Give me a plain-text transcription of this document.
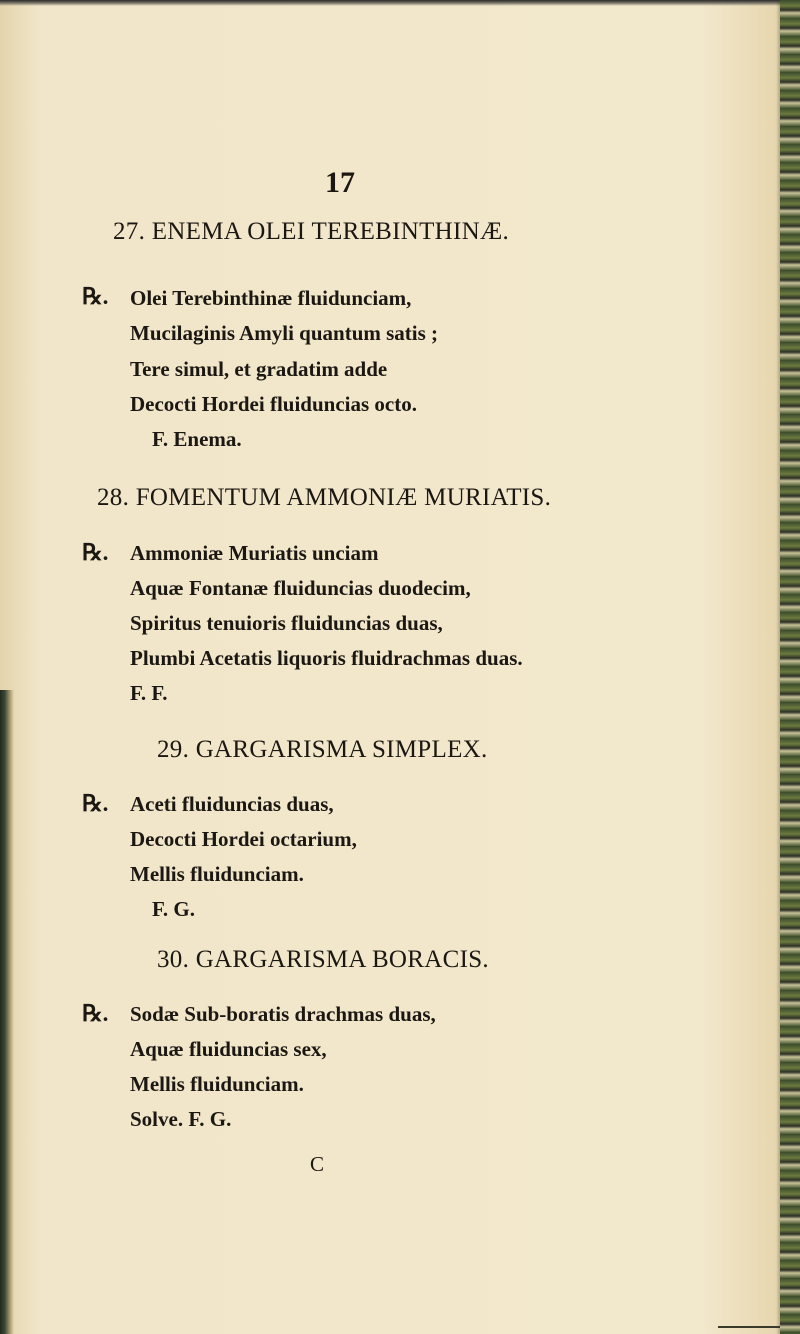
17
27. ENEMA OLEI TEREBINTHINÆ.
℞. Olei Terebinthinæ fluidunciam,
Mucilaginis Amyli quantum satis ;
Tere simul, et gradatim adde
Decocti Hordei fluiduncias octo.
F. Enema.
28. FOMENTUM AMMONIÆ MURIATIS.
℞. Ammoniæ Muriatis unciam
Aquæ Fontanæ fluiduncias duodecim,
Spiritus tenuioris fluiduncias duas,
Plumbi Acetatis liquoris fluidrachmas duas.
F. F.
29. GARGARISMA SIMPLEX.
℞. Aceti fluiduncias duas,
Decocti Hordei octarium,
Mellis fluidunciam.
F. G.
30. GARGARISMA BORACIS.
℞. Sodæ Sub-boratis drachmas duas,
Aquæ fluiduncias sex,
Mellis fluidunciam.
Solve. F. G.
C
